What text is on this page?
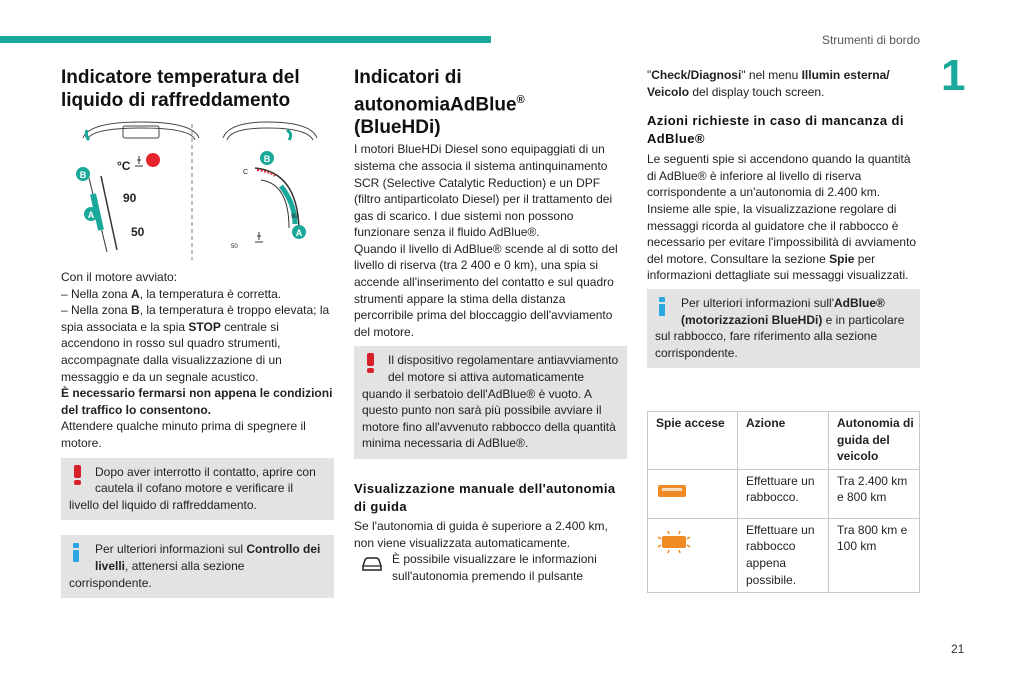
Strumenti di bordo
1
21
Indicatore temperatura del liquido di raffreddamento
B
A
°C
90
50
B
A
C
90
50

Con il motore avviato:
– Nella zona A, la temperatura è corretta.
– Nella zona B, la temperatura è troppo elevata; la spia associata e la spia STOP centrale si accendono in rosso sul quadro strumenti, accompagnate dalla visualizzazione di un messaggio e da un segnale acustico.
È necessario fermarsi non appena le condizioni del traffico lo consentono.
Attendere qualche minuto prima di spegnere il motore.

Dopo aver interrotto il contatto, aprire con cautela il cofano motore e verificare il livello del liquido di raffreddamento.
Per ulteriori informazioni sul Controllo dei livelli, attenersi alla sezione corrispondente.
Indicatori di autonomiaAdBlue®
(BlueHDi)

I motori BlueHDi Diesel sono equipaggiati di un sistema che associa il sistema antinquinamento SCR (Selective Catalytic Reduction) e un DPF (filtro antiparticolato Diesel) per il trattamento dei gas di scarico. I due sistemi non possono funzionare senza il fluido AdBlue®.

Quando il livello di AdBlue® scende al di sotto del livello di riserva (tra 2 400 e 0 km), una spia si accende all'inserimento del contatto e sul quadro strumenti appare la stima della distanza percorribile prima del bloccaggio dell'avviamento del motore.

Il dispositivo regolamentare antiavviamento del motore si attiva automaticamente quando il serbatoio dell'AdBlue® è vuoto. A questo punto non sarà più possibile avviare il motore fino all'avvenuto rabbocco della quantità minima necessaria di AdBlue®.
Visualizzazione manuale dell'autonomia di guida

Se l'autonomia di guida è superiore a 2.400 km, non viene visualizzata automaticamente.

È possibile visualizzare le informazioni sull'autonomia premendo il pulsante

"Check/Diagnosi" nel menu Illumin esterna/ Veicolo del display touch screen.

Azioni richieste in caso di mancanza di AdBlue®

Le seguenti spie si accendono quando la quantità di AdBlue® è inferiore al livello di riserva corrispondente a un'autonomia di 2.400 km. Insieme alle spie, la visualizzazione regolare di messaggi ricorda al guidatore che il rabbocco è necessario per evitare l'impossibilità di avviamento del motore. Consultare la sezione Spie per informazioni dettagliate sui messaggi visualizzati.

Per ulteriori informazioni sull'AdBlue® (motorizzazioni BlueHDi) e in particolare sul rabbocco, fare riferimento alla sezione corrispondente.
Spie accese	Azione	Autonomia di guida del veicolo
	Effettuare un rabbocco.	Tra 2.400 km e 800 km
	Effettuare un rabbocco appena possibile.	Tra 800 km e 100 km
